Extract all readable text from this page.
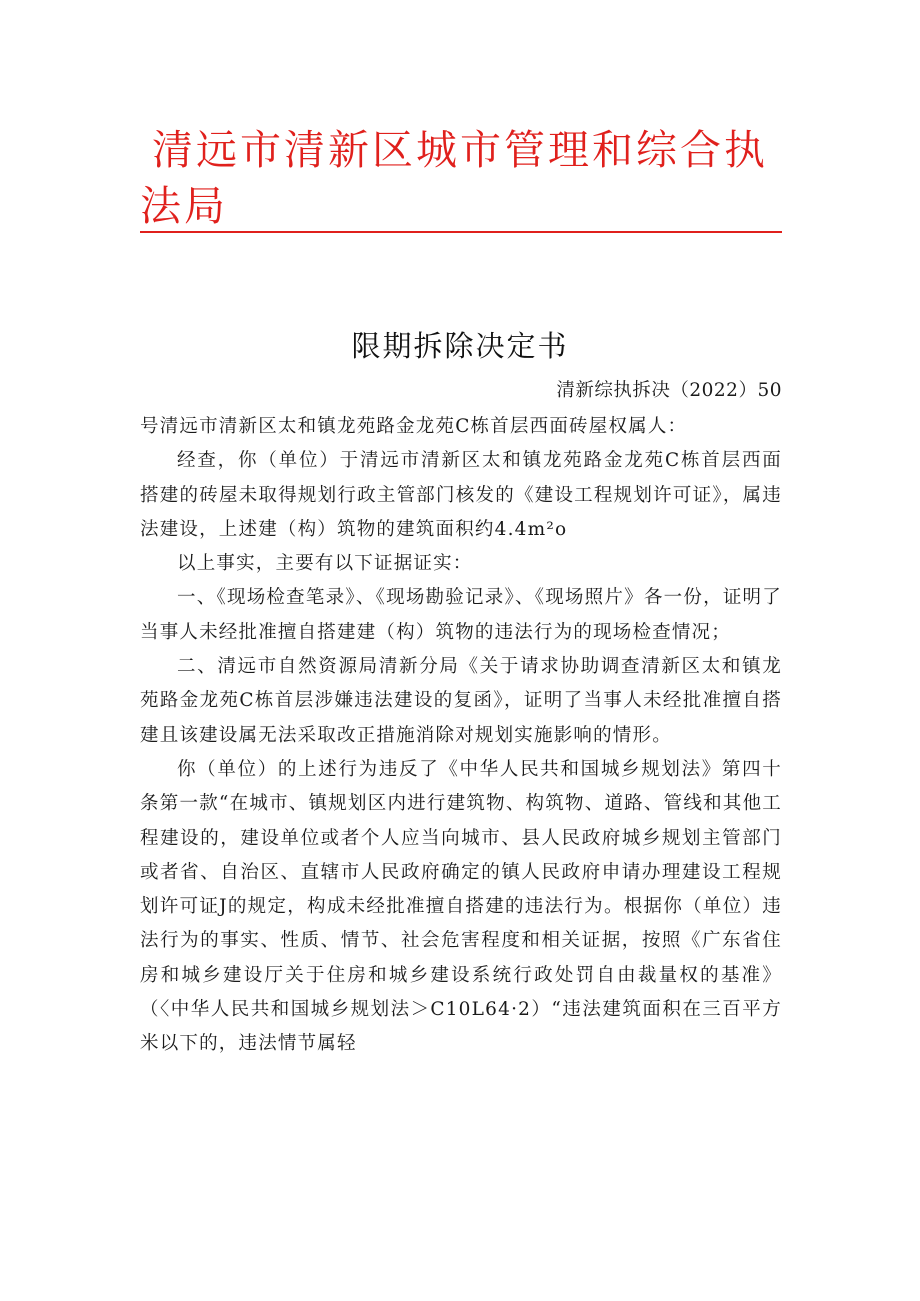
清远市清新区城市管理和综合执
法局
限期拆除决定书
清新综执拆决（2022）50

号清远市清新区太和镇龙苑路金龙苑C栋首层西面砖屋权属人：

经查，你（单位）于清远市清新区太和镇龙苑路金龙苑C栋首层西面搭建的砖屋未取得规划行政主管部门核发的《建设工程规划许可证》，属违法建设，上述建（构）筑物的建筑面积约4.4m²o

以上事实，主要有以下证据证实：

一、《现场检查笔录》、《现场勘验记录》、《现场照片》各一份，证明了当事人未经批准擅自搭建建（构）筑物的违法行为的现场检查情况；

二、清远市自然资源局清新分局《关于请求协助调查清新区太和镇龙苑路金龙苑C栋首层涉嫌违法建设的复函》，证明了当事人未经批准擅自搭建且该建设属无法采取改正措施消除对规划实施影响的情形。

你（单位）的上述行为违反了《中华人民共和国城乡规划法》第四十条第一款“在城市、镇规划区内进行建筑物、构筑物、道路、管线和其他工程建设的，建设单位或者个人应当向城市、县人民政府城乡规划主管部门或者省、自治区、直辖市人民政府确定的镇人民政府申请办理建设工程规划许可证J的规定，构成未经批准擅自搭建的违法行为。根据你（单位）违法行为的事实、性质、情节、社会危害程度和相关证据，按照《广东省住房和城乡建设厅关于住房和城乡建设系统行政处罚自由裁量权的基准》（〈中华人民共和国城乡规划法＞C10L64·2）“违法建筑面积在三百平方米以下的，违法情节属轻
